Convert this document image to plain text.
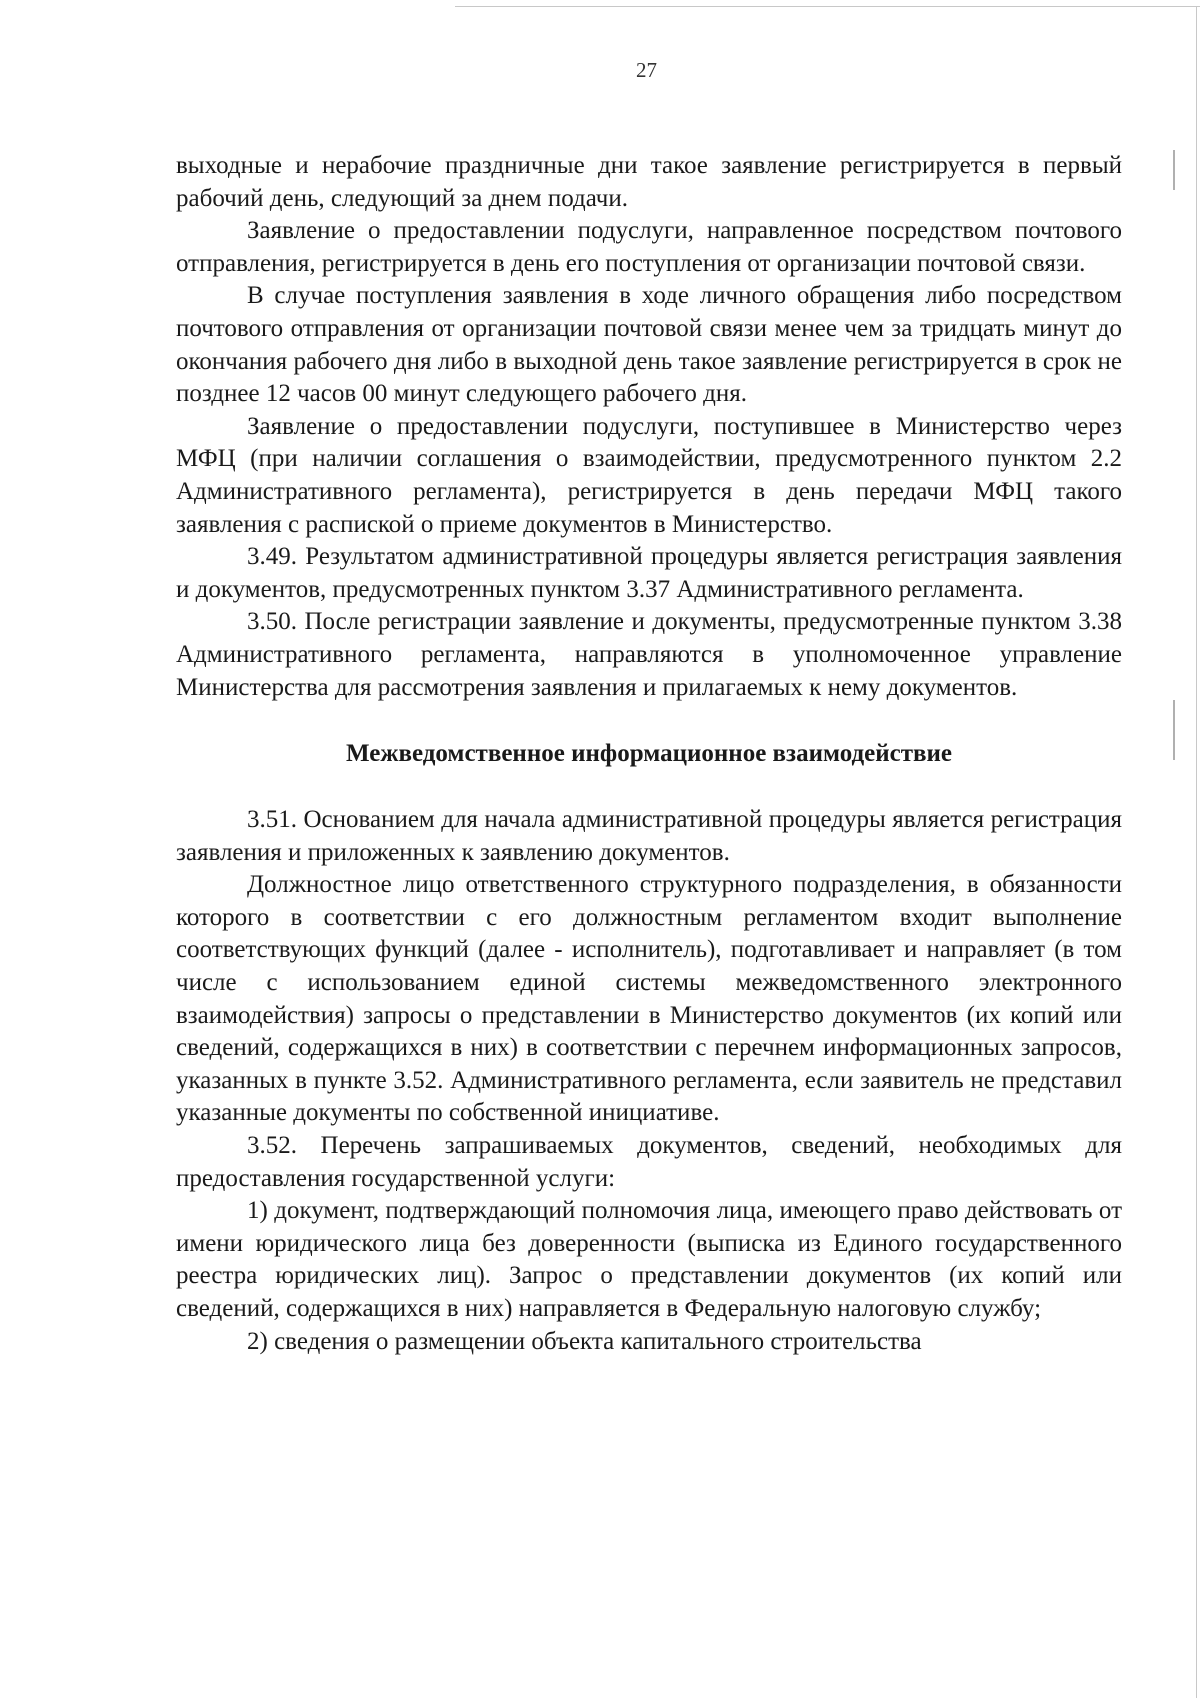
27

выходные и нерабочие праздничные дни такое заявление регистрируется в первый рабочий день, следующий за днем подачи.

Заявление о предоставлении подуслуги, направленное посредством почтового отправления, регистрируется в день его поступления от организации почтовой связи.

В случае поступления заявления в ходе личного обращения либо посредством почтового отправления от организации почтовой связи менее чем за тридцать минут до окончания рабочего дня либо в выходной день такое заявление регистрируется в срок не позднее 12 часов 00 минут следующего рабочего дня.

Заявление о предоставлении подуслуги, поступившее в Министерство через МФЦ (при наличии соглашения о взаимодействии, предусмотренного пунктом 2.2 Административного регламента), регистрируется в день передачи МФЦ такого заявления с распиской о приеме документов в Министерство.

3.49. Результатом административной процедуры является регистрация заявления и документов, предусмотренных пунктом 3.37 Административного регламента.

3.50. После регистрации заявление и документы, предусмотренные пунктом 3.38 Административного регламента, направляются в уполномоченное управление Министерства для рассмотрения заявления и прилагаемых к нему документов.

Межведомственное информационное взаимодействие

3.51. Основанием для начала административной процедуры является регистрация заявления и приложенных к заявлению документов.

Должностное лицо ответственного структурного подразделения, в обязанности которого в соответствии с его должностным регламентом входит выполнение соответствующих функций (далее - исполнитель), подготавливает и направляет (в том числе с использованием единой системы межведомственного электронного взаимодействия) запросы о представлении в Министерство документов (их копий или сведений, содержащихся в них) в соответствии с перечнем информационных запросов, указанных в пункте 3.52. Административного регламента, если заявитель не представил указанные документы по собственной инициативе.

3.52. Перечень запрашиваемых документов, сведений, необходимых для предоставления государственной услуги:

1) документ, подтверждающий полномочия лица, имеющего право действовать от имени юридического лица без доверенности (выписка из Единого государственного реестра юридических лиц). Запрос о представлении документов (их копий или сведений, содержащихся в них) направляется в Федеральную налоговую службу;

2) сведения о размещении объекта капитального строительства
